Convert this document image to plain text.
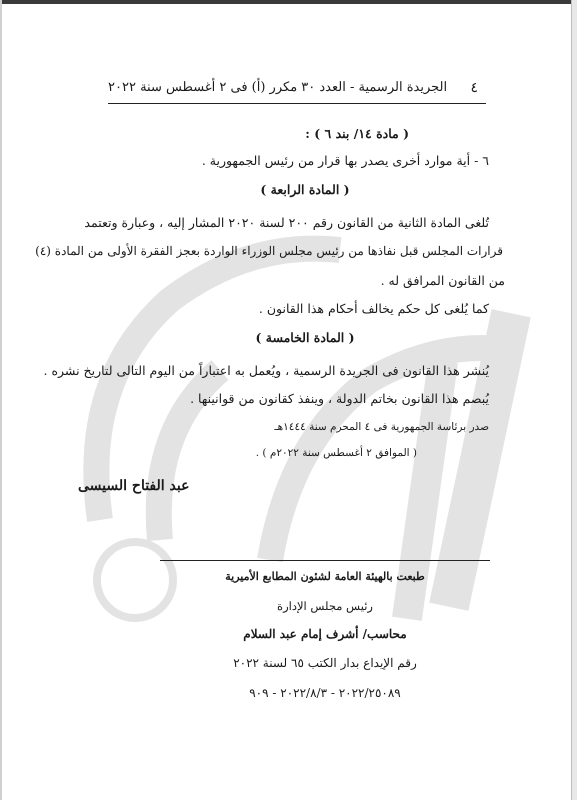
٤
الجريدة الرسمية - العدد ٣٠ مكرر (أ) فى ٢ أغسطس سنة ٢٠٢٢
( مادة ١٤/ بند ٦ ) :
٦ - أية موارد أخرى يصدر بها قرار من رئيس الجمهورية .
( المادة الرابعة )
تُلغى المادة الثانية من القانون رقم ٢٠٠ لسنة ٢٠٢٠ المشار إليه ، وعبارة وتعتمد
قرارات المجلس قبل نفاذها من رئيس مجلس الوزراء الواردة بعجز الفقرة الأولى من المادة (٤)
من القانون المرافق له .
كما يُلغى كل حكم يخالف أحكام هذا القانون .
( المادة الخامسة )
يُنشر هذا القانون فى الجريدة الرسمية ، ويُعمل به اعتباراً من اليوم التالى لتاريخ نشره .
يُبصم هذا القانون بخاتم الدولة ، وينفذ كقانون من قوانينها .
صدر برئاسة الجمهورية فى ٤ المحرم سنة ١٤٤٤هـ
( الموافق ٢ أغسطس سنة ٢٠٢٢م ) .
عبد الفتاح السيسى
طبعت بالهيئة العامة لشئون المطابع الأميرية
رئيس مجلس الإدارة
محاسب/ أشرف إمام عبد السلام
رقم الإيداع بدار الكتب ٦٥ لسنة ٢٠٢٢
٢٠٢٢/٢٥٠٨٩ - ٢٠٢٢/٨/٣ - ٩٠٩
